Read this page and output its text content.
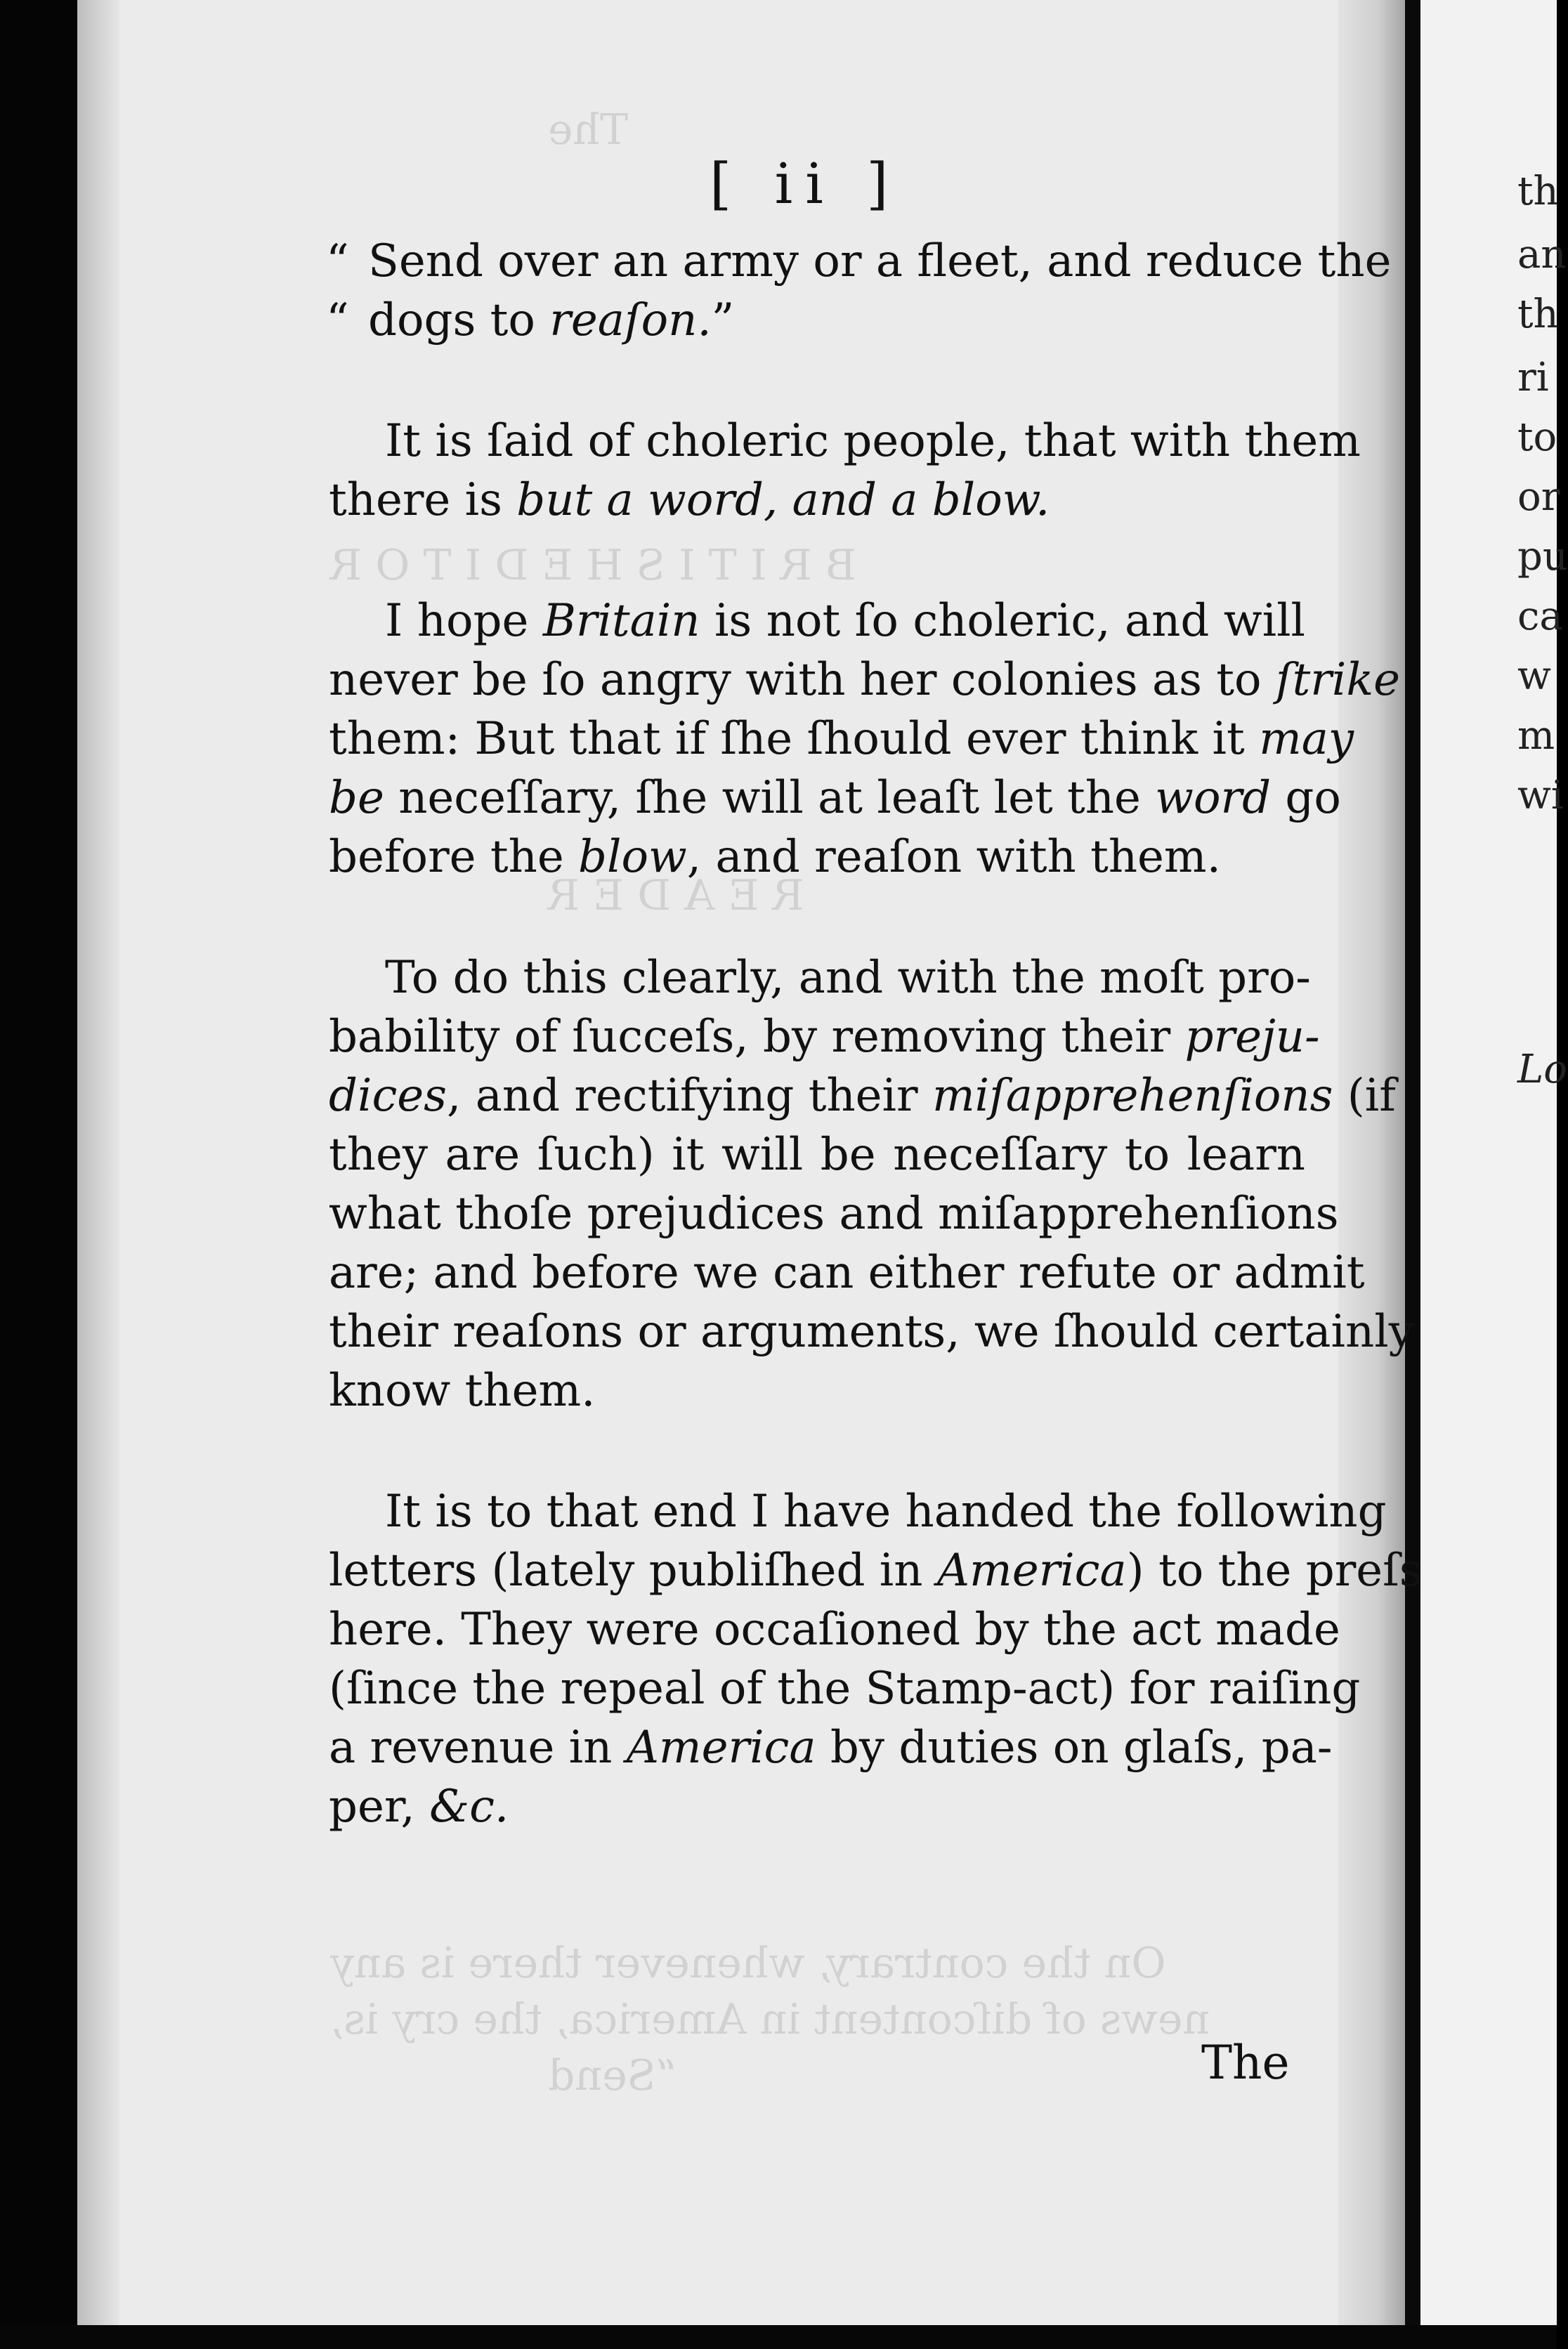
The
B R I T I S H E D I T O R
R E A D E R
On the contrary, whenever there is any
news of diſcontent in America, the cry is,
“Send
[ ii ]
“ Send over an army or a fleet, and reduce the
“ dogs to reaſon.”
It is ſaid of choleric people, that with them
there is but a word, and a blow.
I hope Britain is not ſo choleric, and will
never be ſo angry with her colonies as to ſtrike
them: But that if ſhe ſhould ever think it may
be neceſſary, ſhe will at leaſt let the word go
before the blow, and reaſon with them.
To do this clearly, and with the moſt pro-
bability of ſucceſs, by removing their preju-
dices, and rectifying their miſapprehenſions (if
they are ſuch) it will be neceſſary to learn
what thoſe prejudices and miſapprehenſions
are; and before we can either refute or admit
their reaſons or arguments, we ſhould certainly
know them.
It is to that end I have handed the following
letters (lately publiſhed in America) to the preſs
here. They were occaſioned by the act made
(ſince the repeal of the Stamp-act) for raiſing
a revenue in America by duties on glaſs, pa-
per, &c.
The
th
an
th
ri
to
or
pu
ca
w
m
wi
Lo
